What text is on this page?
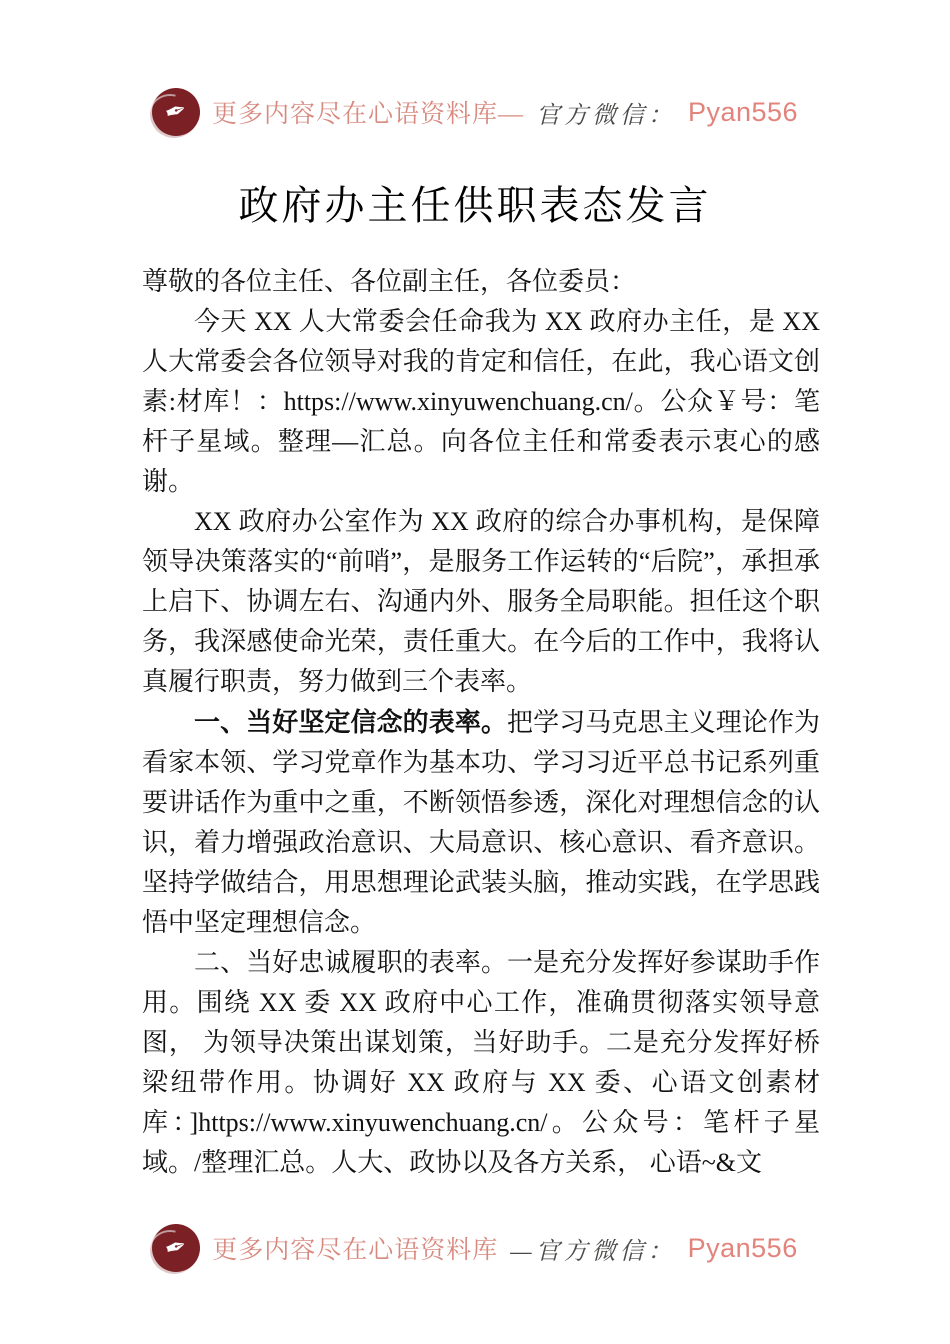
✒ 更多内容尽在心语资料库— 官方微信： Pyan556
政府办主任供职表态发言

尊敬的各位主任、各位副主任，各位委员：

今天 XX 人大常委会任命我为 XX 政府办主任，是 XX 人大常委会各位领导对我的肯定和信任，在此，我心语文创素:材库！：https://www.xinyuwenchuang.cn/。公众￥号：笔杆子星域。整理—汇总。向各位主任和常委表示衷心的感谢。

XX 政府办公室作为 XX 政府的综合办事机构，是保障领导决策落实的“前哨”，是服务工作运转的“后院”，承担承上启下、协调左右、沟通内外、服务全局职能。担任这个职务，我深感使命光荣，责任重大。在今后的工作中，我将认真履行职责，努力做到三个表率。

一、当好坚定信念的表率。把学习马克思主义理论作为看家本领、学习党章作为基本功、学习习近平总书记系列重要讲话作为重中之重，不断领悟参透，深化对理想信念的认识，着力增强政治意识、大局意识、核心意识、看齐意识。 坚持学做结合，用思想理论武装头脑，推动实践，在学思践悟中坚定理想信念。

二、当好忠诚履职的表率。一是充分发挥好参谋助手作用。围绕 XX 委 XX 政府中心工作，准确贯彻落实领导意图， 为领导决策出谋划策，当好助手。二是充分发挥好桥梁纽带作用。协调好 XX 政府与 XX 委、心语文创素材库：]https://www.xinyuwenchuang.cn/。公众号：笔杆子星域。/整理汇总。人大、政协以及各方关系， 心语~&文

✒ 更多内容尽在心语资料库 —官方微信： Pyan556
